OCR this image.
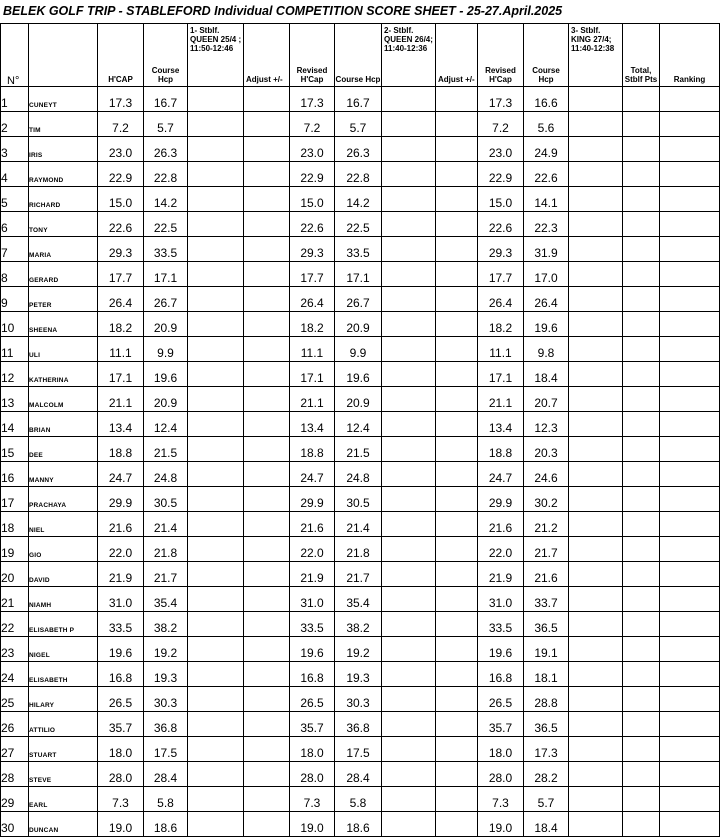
BELEK GOLF TRIP - STABLEFORD Individual COMPETITION SCORE SHEET - 25-27.April.2025
N°		H'CAP	Course Hcp	1- Stblf. QUEEN 25/4 ; 11:50-12:46	Adjust +/-	Revised H'Cap	Course Hcp	2- Stblf. QUEEN 26/4; 11:40-12:36	Adjust +/-	Revised H'Cap	Course Hcp	3- Stblf. KING 27/4; 11:40-12:38	Total, Stblf Pts	Ranking
1	CUNEYT	17.3	16.7			17.3	16.7			17.3	16.6			
2	TIM	7.2	5.7			7.2	5.7			7.2	5.6			
3	IRIS	23.0	26.3			23.0	26.3			23.0	24.9			
4	RAYMOND	22.9	22.8			22.9	22.8			22.9	22.6			
5	RICHARD	15.0	14.2			15.0	14.2			15.0	14.1			
6	TONY	22.6	22.5			22.6	22.5			22.6	22.3			
7	MARIA	29.3	33.5			29.3	33.5			29.3	31.9			
8	GERARD	17.7	17.1			17.7	17.1			17.7	17.0			
9	PETER	26.4	26.7			26.4	26.7			26.4	26.4			
10	SHEENA	18.2	20.9			18.2	20.9			18.2	19.6			
11	ULI	11.1	9.9			11.1	9.9			11.1	9.8			
12	KATHERINA	17.1	19.6			17.1	19.6			17.1	18.4			
13	MALCOLM	21.1	20.9			21.1	20.9			21.1	20.7			
14	BRIAN	13.4	12.4			13.4	12.4			13.4	12.3			
15	DEE	18.8	21.5			18.8	21.5			18.8	20.3			
16	MANNY	24.7	24.8			24.7	24.8			24.7	24.6			
17	PRACHAYA	29.9	30.5			29.9	30.5			29.9	30.2			
18	NIEL	21.6	21.4			21.6	21.4			21.6	21.2			
19	GIO	22.0	21.8			22.0	21.8			22.0	21.7			
20	DAVID	21.9	21.7			21.9	21.7			21.9	21.6			
21	NIAMH	31.0	35.4			31.0	35.4			31.0	33.7			
22	ELISABETH P	33.5	38.2			33.5	38.2			33.5	36.5			
23	NIGEL	19.6	19.2			19.6	19.2			19.6	19.1			
24	ELISABETH	16.8	19.3			16.8	19.3			16.8	18.1			
25	HILARY	26.5	30.3			26.5	30.3			26.5	28.8			
26	ATTILIO	35.7	36.8			35.7	36.8			35.7	36.5			
27	STUART	18.0	17.5			18.0	17.5			18.0	17.3			
28	STEVE	28.0	28.4			28.0	28.4			28.0	28.2			
29	EARL	7.3	5.8			7.3	5.8			7.3	5.7			
30	DUNCAN	19.0	18.6			19.0	18.6			19.0	18.4			
